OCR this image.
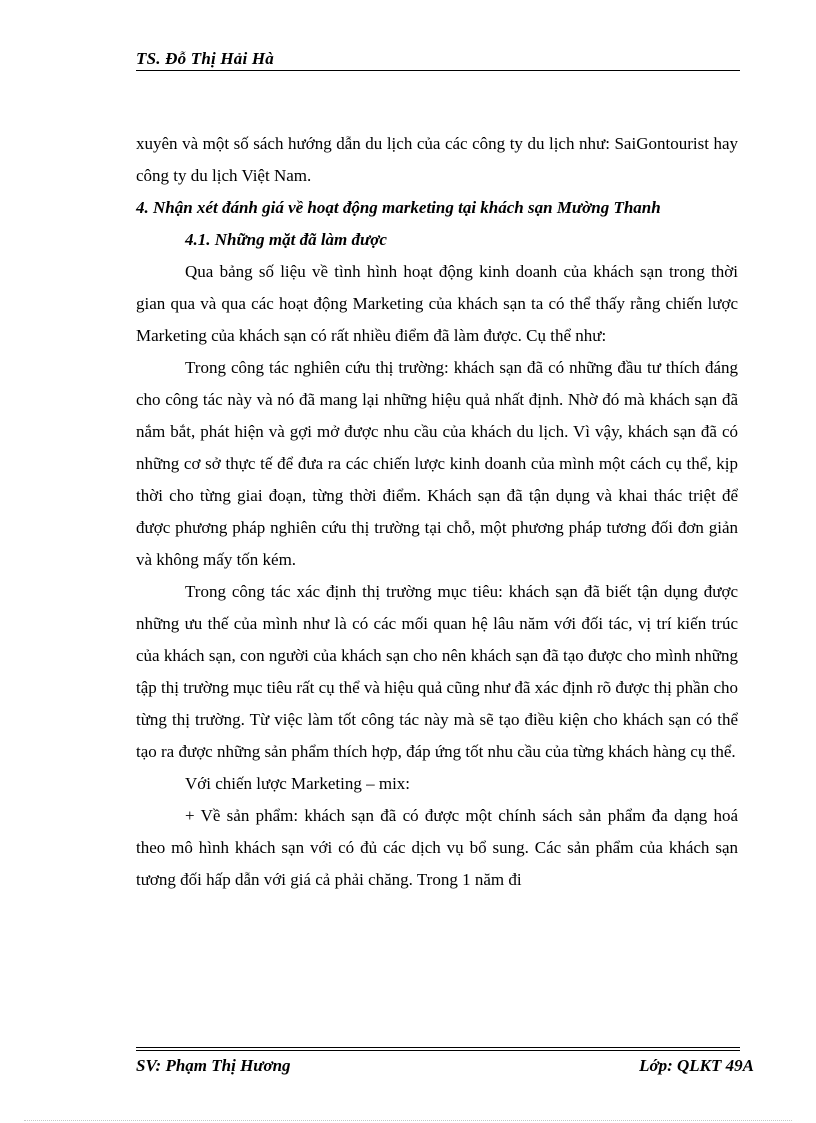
TS. Đỗ Thị Hải Hà

xuyên và một số sách hướng dẫn du lịch của các công ty du lịch như: SaiGontourist hay công ty du lịch Việt Nam.

4. Nhận xét đánh giá về hoạt động marketing tại khách sạn Mường Thanh

4.1. Những mặt đã làm được

Qua bảng số liệu về tình hình hoạt động kinh doanh của khách sạn trong thời gian qua và qua các hoạt động Marketing của khách sạn ta có thể thấy rằng chiến lược Marketing của khách sạn có rất nhiều điểm đã làm được. Cụ thể như:

Trong công tác nghiên cứu thị trường: khách sạn đã có những đầu tư thích đáng cho công tác này và nó đã mang lại những hiệu quả nhất định. Nhờ đó mà khách sạn đã nắm bắt, phát hiện và gợi mở được nhu cầu của khách du lịch. Vì vậy, khách sạn đã có những cơ sở thực tế để đưa ra các chiến lược kinh doanh của mình một cách cụ thể, kịp thời cho từng giai đoạn, từng thời điểm. Khách sạn đã tận dụng và khai thác triệt để được phương pháp nghiên cứu thị trường tại chỗ, một phương pháp tương đối đơn giản và không mấy tốn kém.

Trong công tác xác định thị trường mục tiêu: khách sạn đã biết tận dụng được những ưu thế của mình như là có các mối quan hệ lâu năm với đối tác, vị trí kiến trúc của khách sạn, con người của khách sạn cho nên khách sạn đã tạo được cho mình những tập thị trường mục tiêu rất cụ thể và hiệu quả cũng như đã xác định rõ được thị phần cho từng thị trường. Từ việc làm tốt công tác này mà sẽ tạo điều kiện cho khách sạn có thể tạo ra được những sản phẩm thích hợp, đáp ứng tốt nhu cầu của từng khách hàng cụ thể.

Với chiến lược Marketing – mix:

+ Về sản phẩm: khách sạn đã có được một chính sách sản phẩm đa dạng hoá theo mô hình khách sạn với có đủ các dịch vụ bổ sung. Các sản phẩm của khách sạn tương đối hấp dẫn với giá cả phải chăng. Trong 1 năm đi

SV: Phạm Thị Hương	Lớp: QLKT 49A
